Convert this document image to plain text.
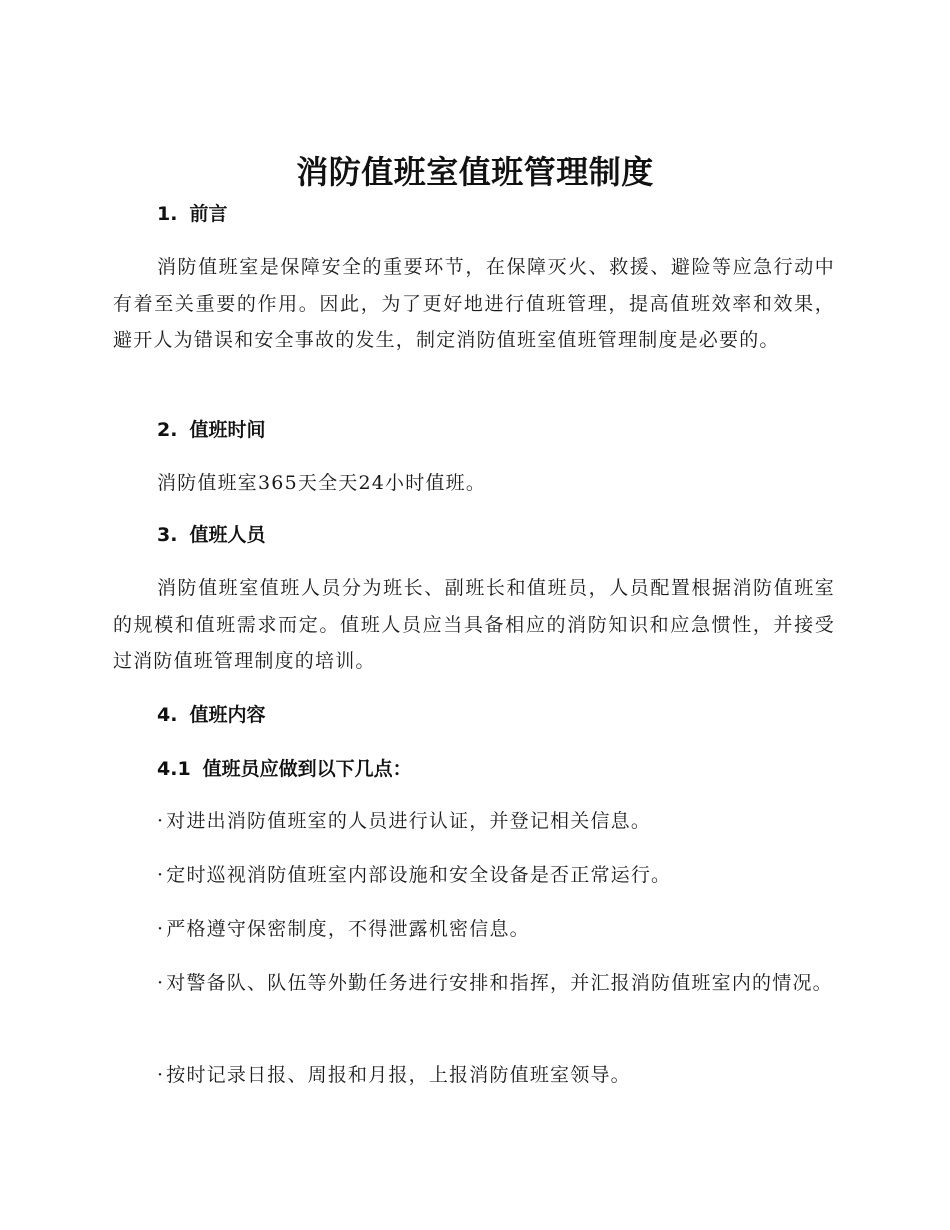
消防值班室值班管理制度
1. 前言
消防值班室是保障安全的重要环节，在保障灭火、救援、避险等应急行动中有着至关重要的作用。因此，为了更好地进行值班管理，提高值班效率和效果，避开人为错误和安全事故的发生，制定消防值班室值班管理制度是必要的。
2. 值班时间
消防值班室365天全天24小时值班。
3. 值班人员
消防值班室值班人员分为班长、副班长和值班员，人员配置根据消防值班室的规模和值班需求而定。值班人员应当具备相应的消防知识和应急惯性，并接受过消防值班管理制度的培训。
4. 值班内容
4.1 值班员应做到以下几点：
· 对进出消防值班室的人员进行认证，并登记相关信息。
· 定时巡视消防值班室内部设施和安全设备是否正常运行。
· 严格遵守保密制度，不得泄露机密信息。
· 对警备队、队伍等外勤任务进行安排和指挥，并汇报消防值班室内的情况。
· 按时记录日报、周报和月报，上报消防值班室领导。
